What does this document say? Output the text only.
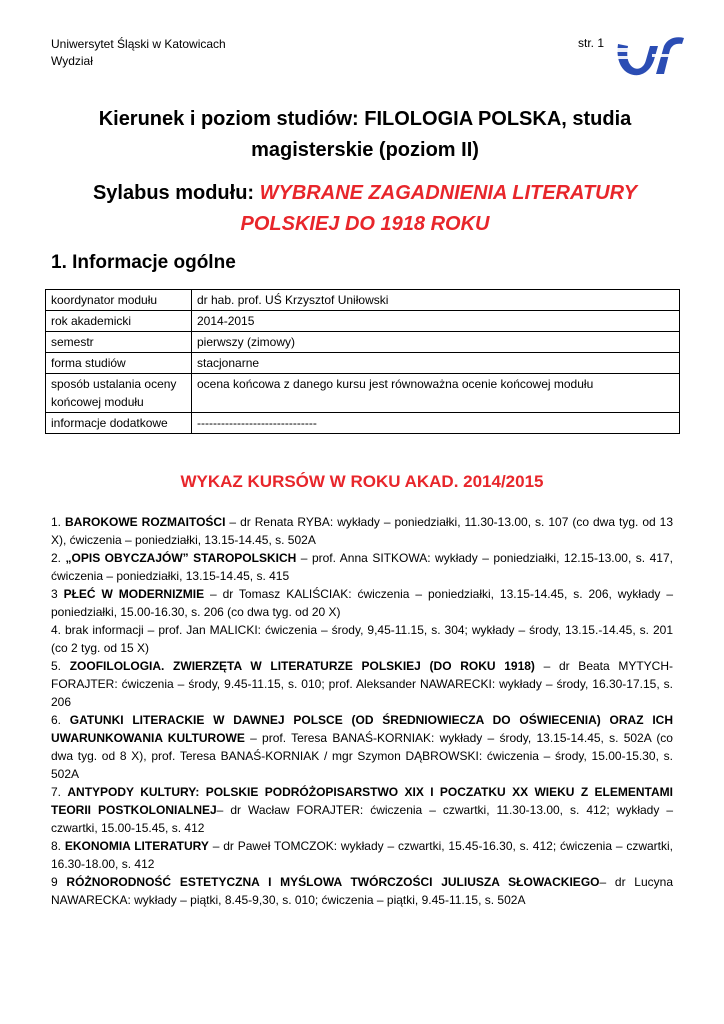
Uniwersytet Śląski w Katowicach
Wydział
str. 1
Kierunek i poziom studiów: FILOLOGIA POLSKA, studia
magisterskie (poziom II)
Sylabus modułu: WYBRANE ZAGADNIENIA LITERATURY
POLSKIEJ DO 1918 ROKU
1. Informacje ogólne
koordynator modułu	dr hab. prof. UŚ Krzysztof Uniłowski
rok akademicki	2014-2015
semestr	pierwszy (zimowy)
forma studiów	stacjonarne
sposób ustalania oceny końcowej modułu	ocena końcowa z danego kursu jest równoważna ocenie końcowej modułu
informacje dodatkowe	------------------------------
WYKAZ KURSÓW W ROKU AKAD. 2014/2015

1. BAROKOWE ROZMAITOŚCI – dr Renata RYBA: wykłady – poniedziałki, 11.30-13.00, s. 107 (co dwa tyg. od 13 X), ćwiczenia – poniedziałki, 13.15-14.45, s. 502A

2. „OPIS OBYCZAJÓW” STAROPOLSKICH – prof. Anna SITKOWA: wykłady – poniedziałki, 12.15-13.00, s. 417, ćwiczenia – poniedziałki, 13.15-14.45, s. 415

3 PŁEĆ W MODERNIZMIE – dr Tomasz KALIŚCIAK: ćwiczenia – poniedziałki, 13.15-14.45, s. 206, wykłady – poniedziałki, 15.00-16.30, s. 206 (co dwa tyg. od 20 X)

4. brak informacji – prof. Jan MALICKI: ćwiczenia – środy, 9,45-11.15, s. 304; wykłady – środy, 13.15.-14.45, s. 201 (co 2 tyg. od 15 X)

5. ZOOFILOLOGIA. ZWIERZĘTA W LITERATURZE POLSKIEJ (DO ROKU 1918) – dr Beata MYTYCH-FORAJTER: ćwiczenia – środy, 9.45-11.15, s. 010; prof. Aleksander NAWARECKI: wykłady – środy, 16.30-17.15, s. 206

6. GATUNKI LITERACKIE W DAWNEJ POLSCE (OD ŚREDNIOWIECZA DO OŚWIECENIA) ORAZ ICH UWARUNKOWANIA KULTUROWE – prof. Teresa BANAŚ-KORNIAK: wykłady – środy, 13.15-14.45, s. 502A (co dwa tyg. od 8 X), prof. Teresa BANAŚ-KORNIAK / mgr Szymon DĄBROWSKI: ćwiczenia – środy, 15.00-15.30, s. 502A

7. ANTYPODY KULTURY: POLSKIE PODRÓŻOPISARSTWO XIX I POCZATKU XX WIEKU Z ELEMENTAMI TEORII POSTKOLONIALNEJ– dr Wacław FORAJTER: ćwiczenia – czwartki, 11.30-13.00, s. 412; wykłady – czwartki, 15.00-15.45, s. 412

8. EKONOMIA LITERATURY – dr Paweł TOMCZOK: wykłady – czwartki, 15.45-16.30, s. 412; ćwiczenia – czwartki, 16.30-18.00, s. 412

9 RÓŻNORODNOŚĆ ESTETYCZNA I MYŚLOWA TWÓRCZOŚCI JULIUSZA SŁOWACKIEGO– dr Lucyna NAWARECKA: wykłady – piątki, 8.45-9,30, s. 010; ćwiczenia – piątki, 9.45-11.15, s. 502A
